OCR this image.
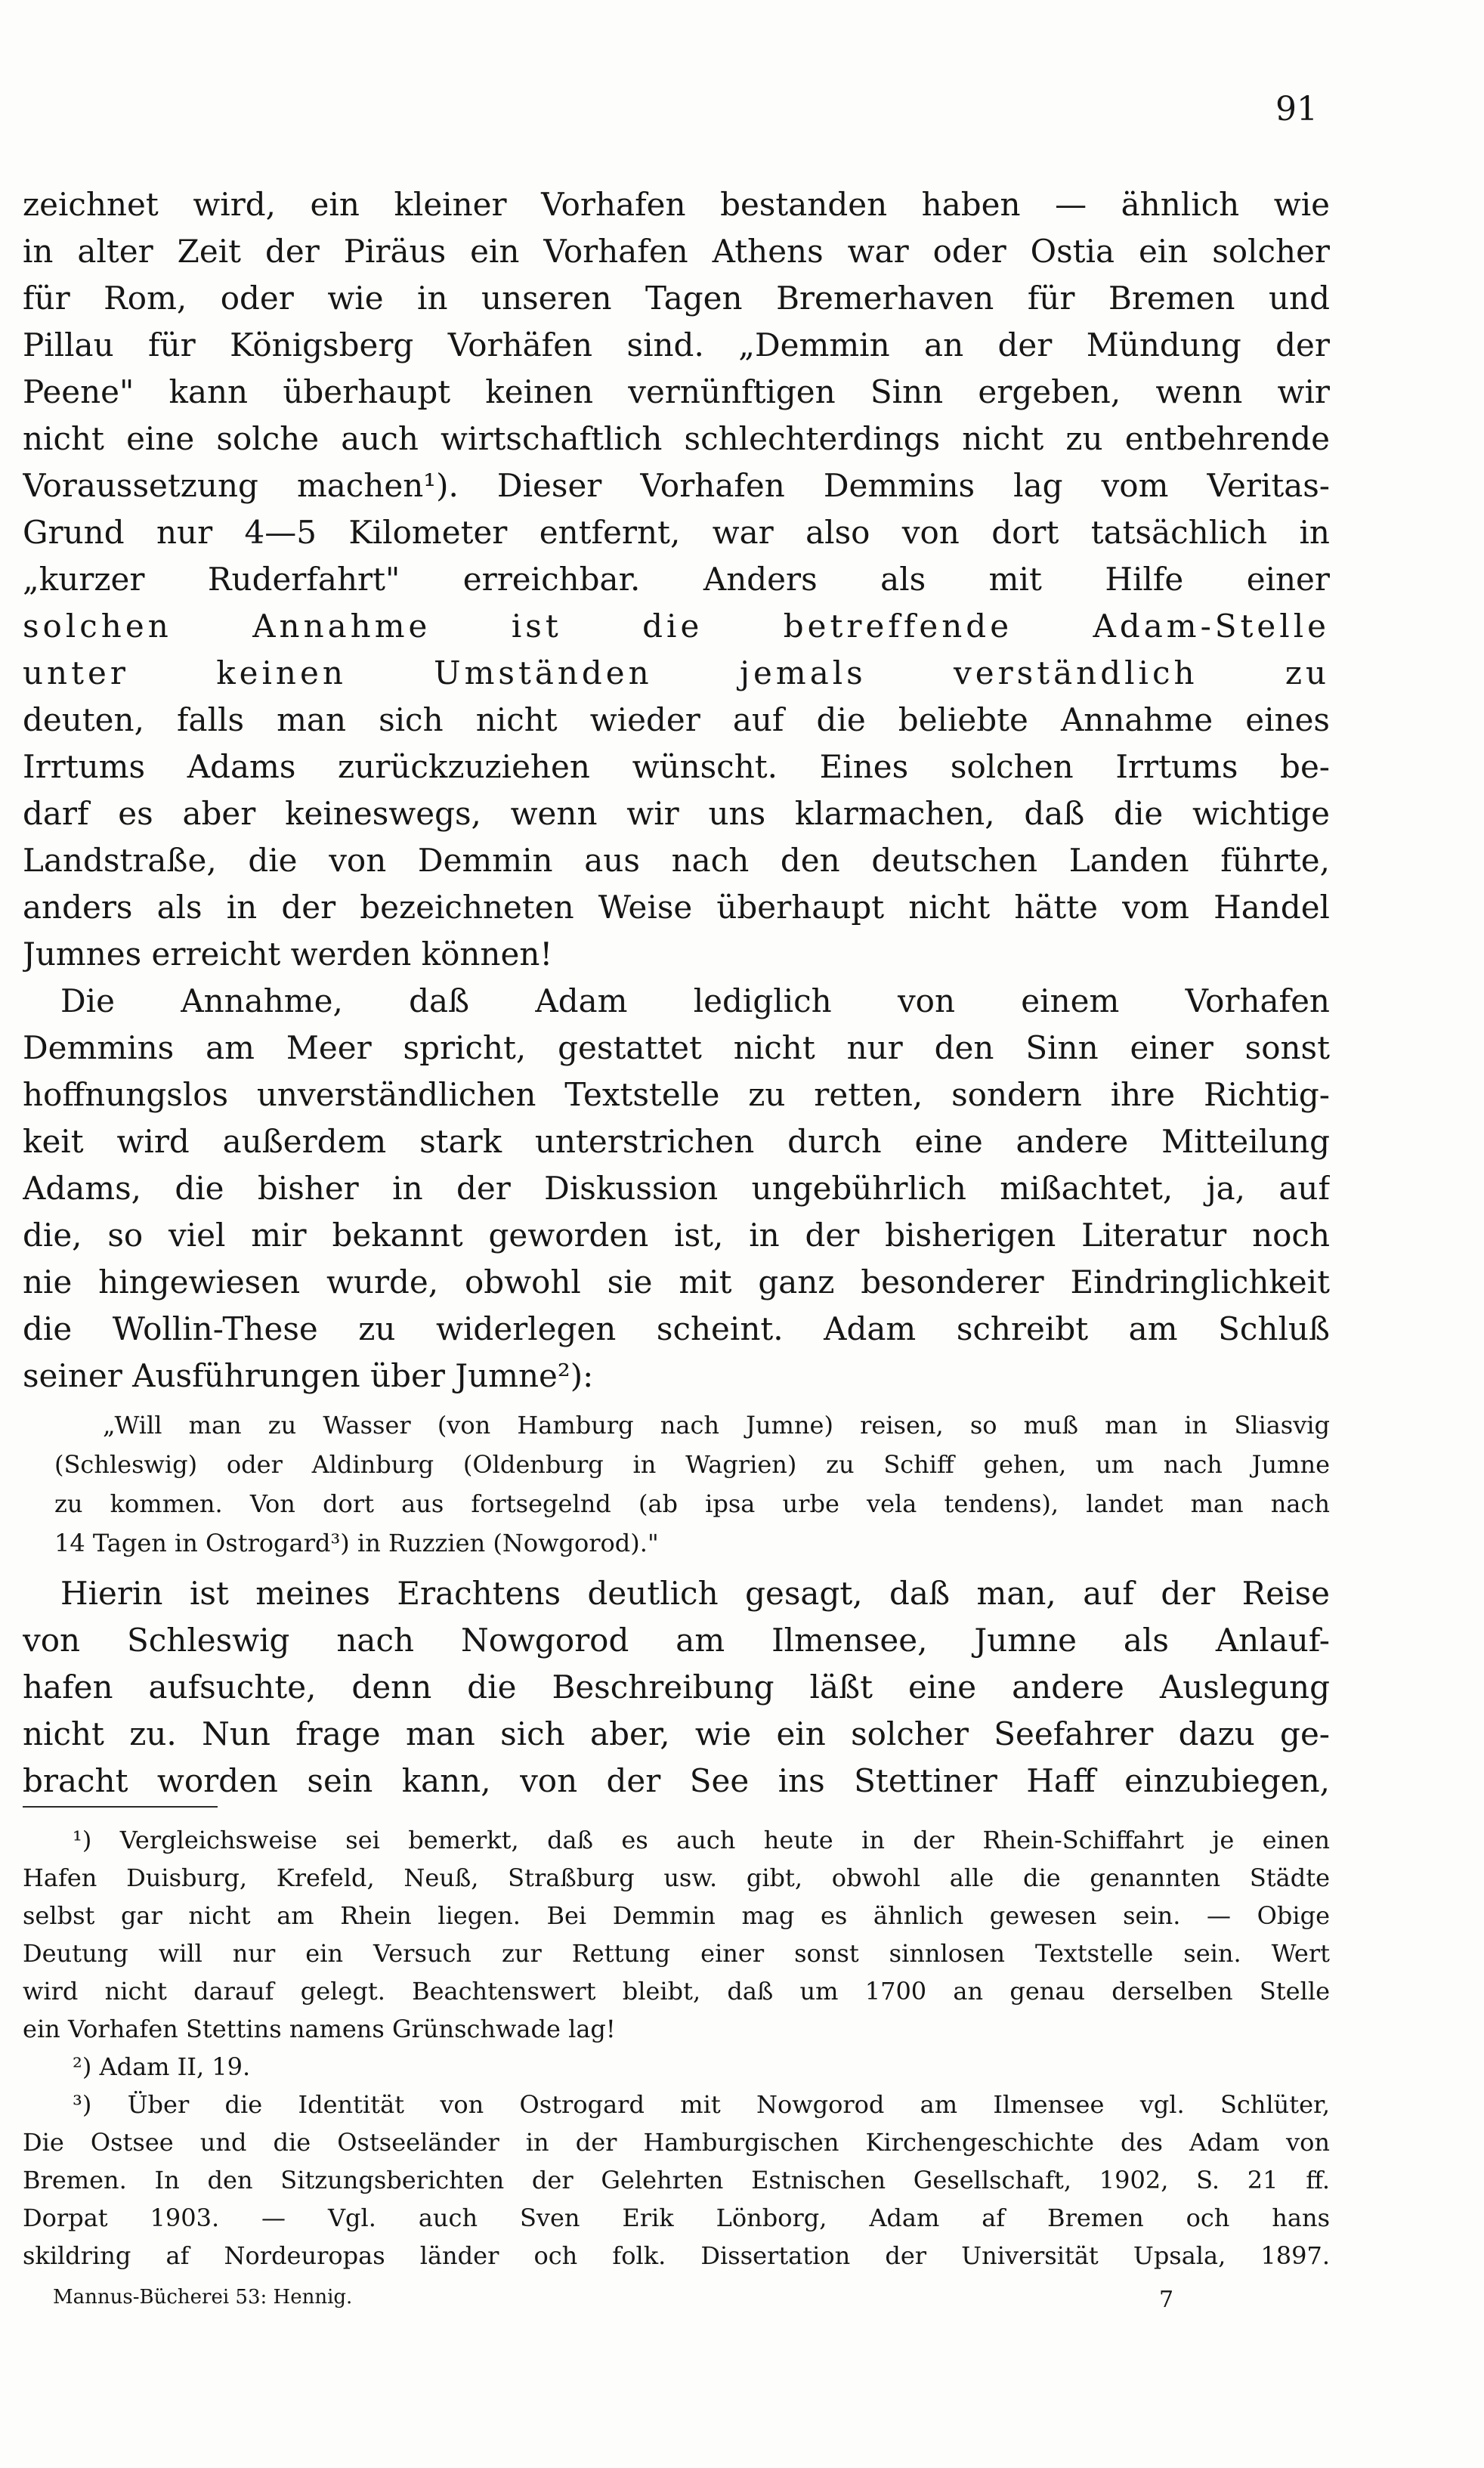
91
zeichnet wird, ein kleiner Vorhafen bestanden haben — ähnlich wie
in alter Zeit der Piräus ein Vorhafen Athens war oder Ostia ein solcher
für Rom, oder wie in unseren Tagen Bremerhaven für Bremen und
Pillau für Königsberg Vorhäfen sind. „Demmin an der Mündung der
Peene" kann überhaupt keinen vernünftigen Sinn ergeben, wenn wir
nicht eine solche auch wirtschaftlich schlechterdings nicht zu entbehrende
Voraussetzung machen¹). Dieser Vorhafen Demmins lag vom Veritas-
Grund nur 4—5 Kilometer entfernt, war also von dort tatsächlich in
„kurzer Ruderfahrt" erreichbar. Anders als mit Hilfe einer
solchen Annahme ist die betreffende Adam-Stelle
unter keinen Umständen jemals verständlich zu
deuten, falls man sich nicht wieder auf die beliebte Annahme eines
Irrtums Adams zurückzuziehen wünscht. Eines solchen Irrtums be-
darf es aber keineswegs, wenn wir uns klarmachen, daß die wichtige
Landstraße, die von Demmin aus nach den deutschen Landen führte,
anders als in der bezeichneten Weise überhaupt nicht hätte vom Handel
Jumnes erreicht werden können!
Die Annahme, daß Adam lediglich von einem Vorhafen
Demmins am Meer spricht, gestattet nicht nur den Sinn einer sonst
hoffnungslos unverständlichen Textstelle zu retten, sondern ihre Richtig-
keit wird außerdem stark unterstrichen durch eine andere Mitteilung
Adams, die bisher in der Diskussion ungebührlich mißachtet, ja, auf
die, so viel mir bekannt geworden ist, in der bisherigen Literatur noch
nie hingewiesen wurde, obwohl sie mit ganz besonderer Eindringlichkeit
die Wollin-These zu widerlegen scheint. Adam schreibt am Schluß
seiner Ausführungen über Jumne²):
„Will man zu Wasser (von Hamburg nach Jumne) reisen, so muß man in Sliasvig
(Schleswig) oder Aldinburg (Oldenburg in Wagrien) zu Schiff gehen, um nach Jumne
zu kommen. Von dort aus fortsegelnd (ab ipsa urbe vela tendens), landet man nach
14 Tagen in Ostrogard³) in Ruzzien (Nowgorod)."
Hierin ist meines Erachtens deutlich gesagt, daß man, auf der Reise
von Schleswig nach Nowgorod am Ilmensee, Jumne als Anlauf-
hafen aufsuchte, denn die Beschreibung läßt eine andere Auslegung
nicht zu. Nun frage man sich aber, wie ein solcher Seefahrer dazu ge-
bracht worden sein kann, von der See ins Stettiner Haff einzubiegen,
¹) Vergleichsweise sei bemerkt, daß es auch heute in der Rhein-Schiffahrt je einen
Hafen Duisburg, Krefeld, Neuß, Straßburg usw. gibt, obwohl alle die genannten Städte
selbst gar nicht am Rhein liegen. Bei Demmin mag es ähnlich gewesen sein. — Obige
Deutung will nur ein Versuch zur Rettung einer sonst sinnlosen Textstelle sein. Wert
wird nicht darauf gelegt. Beachtenswert bleibt, daß um 1700 an genau derselben Stelle
ein Vorhafen Stettins namens Grünschwade lag!
²) Adam II, 19.
³) Über die Identität von Ostrogard mit Nowgorod am Ilmensee vgl. Schlüter,
Die Ostsee und die Ostseeländer in der Hamburgischen Kirchengeschichte des Adam von
Bremen. In den Sitzungsberichten der Gelehrten Estnischen Gesellschaft, 1902, S. 21 ff.
Dorpat 1903. — Vgl. auch Sven Erik Lönborg, Adam af Bremen och hans
skildring af Nordeuropas länder och folk. Dissertation der Universität Upsala, 1897.
Mannus-Bücherei 53: Hennig.	7
